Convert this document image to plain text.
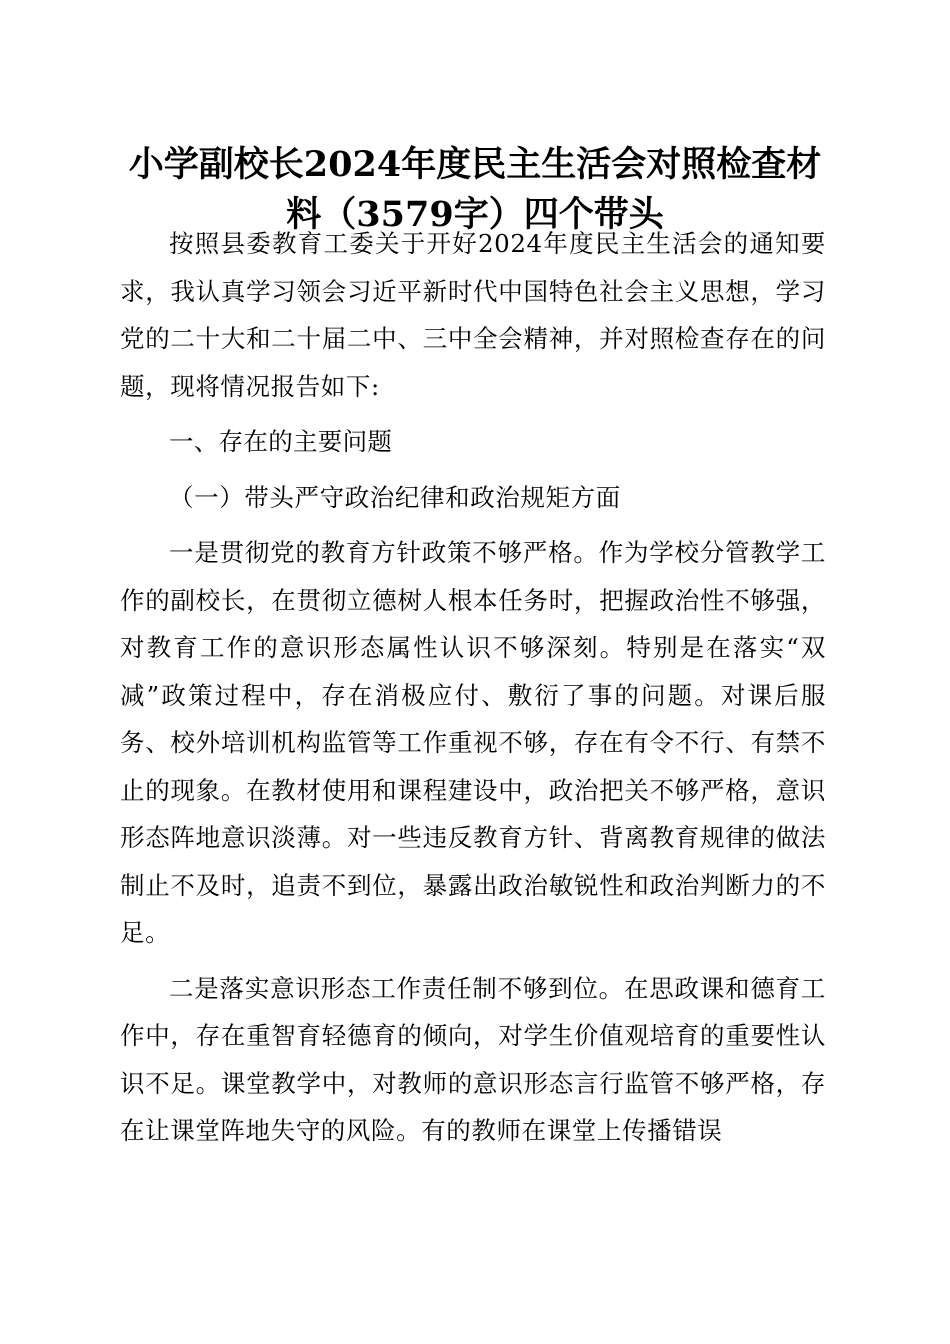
小学副校长2024年度民主生活会对照检查材
料（3579字）四个带头

按照县委教育工委关于开好2024年度民主生活会的通知要求，我认真学习领会习近平新时代中国特色社会主义思想，学习党的二十大和二十届二中、三中全会精神，并对照检查存在的问题，现将情况报告如下:

一、存在的主要问题

（一）带头严守政治纪律和政治规矩方面

一是贯彻党的教育方针政策不够严格。作为学校分管教学工作的副校长，在贯彻立德树人根本任务时，把握政治性不够强，对教育工作的意识形态属性认识不够深刻。特别是在落实“双减”政策过程中，存在消极应付、敷衍了事的问题。对课后服务、校外培训机构监管等工作重视不够，存在有令不行、有禁不止的现象。在教材使用和课程建设中，政治把关不够严格，意识形态阵地意识淡薄。对一些违反教育方针、背离教育规律的做法制止不及时，追责不到位，暴露出政治敏锐性和政治判断力的不足。

二是落实意识形态工作责任制不够到位。在思政课和德育工作中，存在重智育轻德育的倾向，对学生价值观培育的重要性认识不足。课堂教学中，对教师的意识形态言行监管不够严格，存在让课堂阵地失守的风险。有的教师在课堂上传播错误
